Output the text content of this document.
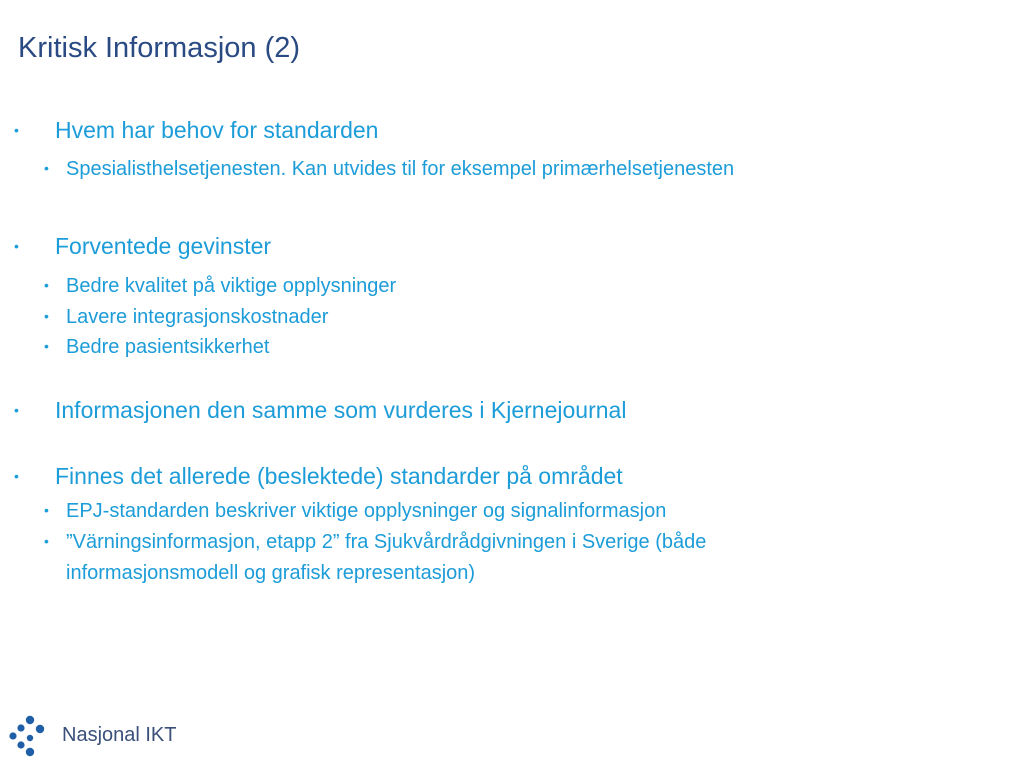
Kritisk Informasjon (2)
• Hvem har behov for standarden
• Spesialisthelsetjenesten. Kan utvides til for eksempel primærhelsetjenesten
• Forventede gevinster
• Bedre kvalitet på viktige opplysninger
• Lavere integrasjonskostnader
• Bedre pasientsikkerhet
• Informasjonen den samme som vurderes i Kjernejournal
• Finnes det allerede (beslektede) standarder på området
• EPJ-standarden beskriver viktige opplysninger og signalinformasjon
• ”Värningsinformasjon, etapp 2” fra Sjukvårdrådgivningen i Sverige (både
informasjonsmodell og grafisk representasjon)
Nasjonal IKT
